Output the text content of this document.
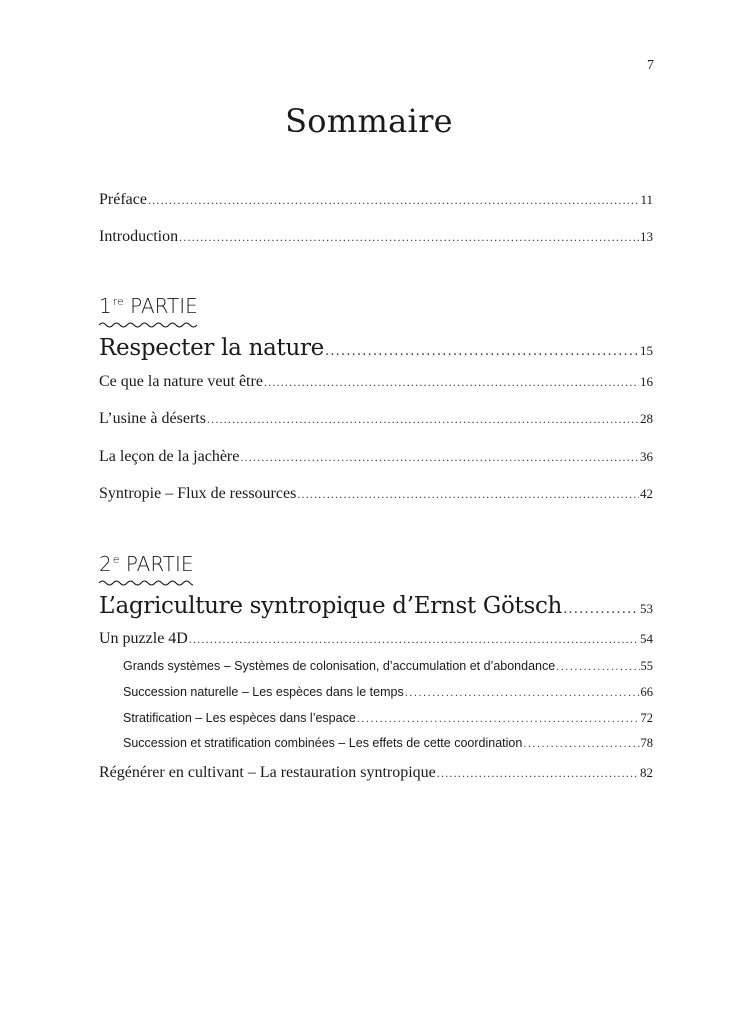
7
Sommaire
Préface .....	11
Introduction .....	13
1re PARTIE
Respecter la nature .....	15
Ce que la nature veut être .....	16
L’usine à déserts .....	28
La leçon de la jachère .....	36
Syntropie – Flux de ressources .....	42
2e PARTIE
L’agriculture syntropique d’Ernst Götsch .....	53
Un puzzle 4D .....	54
Grands systèmes – Systèmes de colonisation, d’accumulation et d’abondance .....	55
Succession naturelle – Les espèces dans le temps .....	66
Stratification – Les espèces dans l’espace .....	72
Succession et stratification combinées – Les effets de cette coordination .....	78
Régénérer en cultivant – La restauration syntropique .....	82
